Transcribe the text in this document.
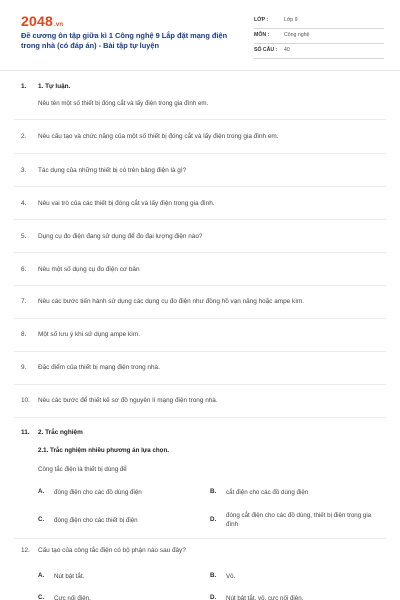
2048.vn
Đề cương ôn tập giữa kì 1 Công nghệ 9 Lắp đặt mạng điện trong nhà (có đáp án) - Bài tập tự luyện
LỚP :	Lớp 9
MÔN :	Công nghệ
SỐ CÂU : 40
1.	1. Tự luận.
Nêu tên một số thiết bị đóng cắt và lấy điện trong gia đình em.
2.	Nêu cấu tạo và chức năng của một số thiết bị đóng cắt và lấy điện trong gia đình em.
3.	Tác dụng của những thiết bị có trên bảng điện là gì?
4.	Nêu vai trò của các thiết bị đóng cắt và lấy điện trong gia đình.
5.	Dụng cụ đo điện đang sử dụng để đo đại lượng điện nào?
6.	Nêu một số dụng cụ đo điện cơ bản
7.	Nêu các bước tiến hành sử dụng các dụng cụ đo điện như đồng hồ vạn năng hoặc ampe kìm.
8.	Một số lưu ý khi sử dụng ampe kìm.
9.	Đặc điểm của thiết bị mạng điện trong nhà.
10.	Nêu các bước để thiết kế sơ đồ nguyên lí mạng điện trong nhà.
11.	2. Trắc nghiệm
2.1. Trắc nghiệm nhiều phương án lựa chọn.
Công tắc điện là thiết bị dùng để
A. đóng điện cho các đồ dùng điện	B. cắt điện cho các đồ dùng điện
C. đóng điện cho các thiết bị điện	D.
đóng cắt điện cho các đồ dùng, thiết bị điện trong gia đình
12.	Cấu tạo của công tắc điện có bộ phận nào sau đây?
A. Nút bật tắt.	B. Vỏ.
C. Cực nối điện.	D. Nút bật tắt, vỏ, cực nối điện.
